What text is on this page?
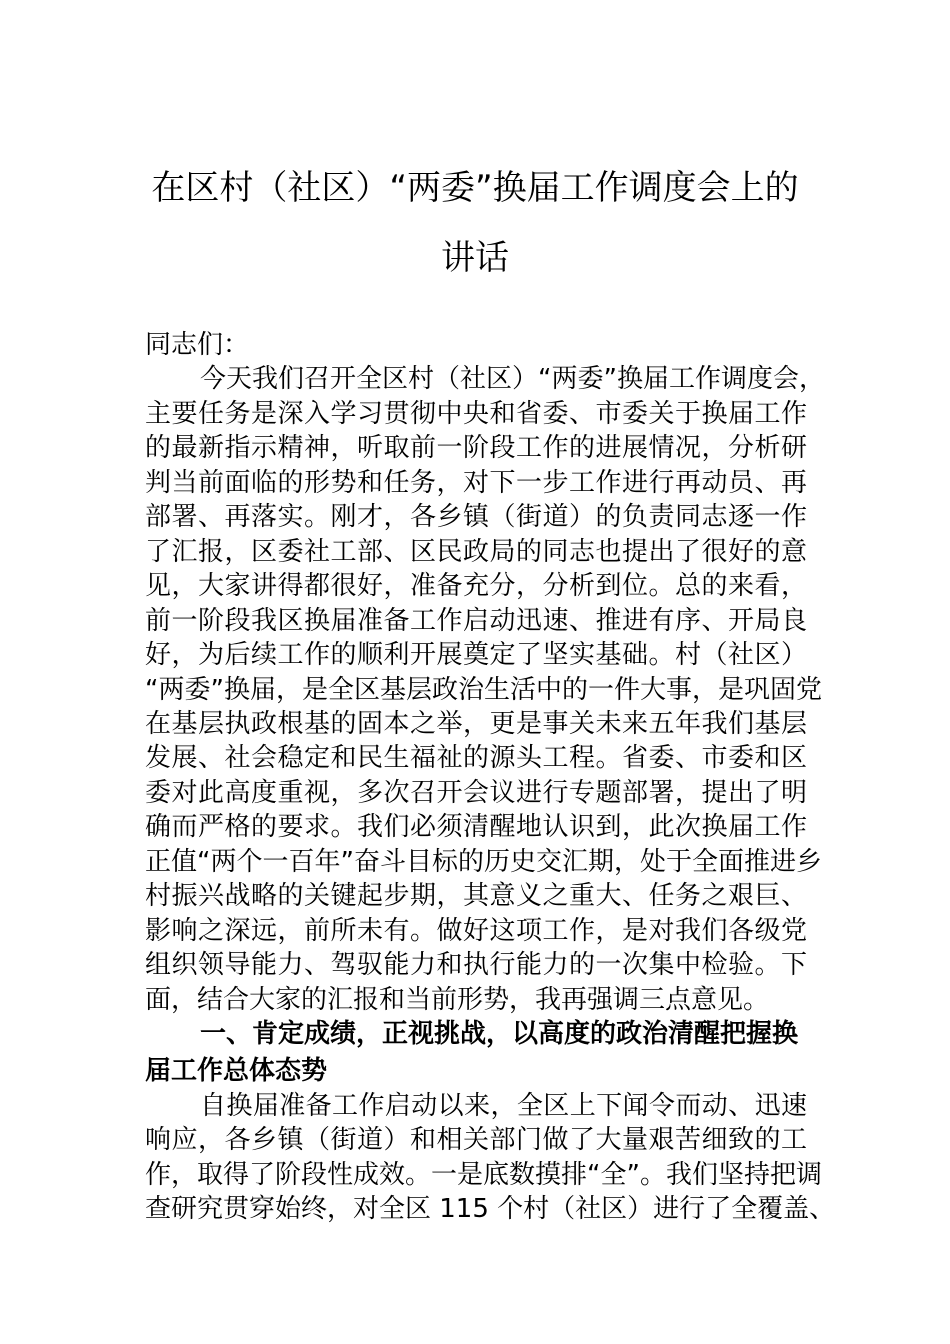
在区村（社区）“两委”换届工作调度会上的
讲话
同志们：
今天我们召开全区村（社区）“两委”换届工作调度会，
主要任务是深入学习贯彻中央和省委、市委关于换届工作
的最新指示精神，听取前一阶段工作的进展情况，分析研
判当前面临的形势和任务，对下一步工作进行再动员、再
部署、再落实。刚才，各乡镇（街道）的负责同志逐一作
了汇报，区委社工部、区民政局的同志也提出了很好的意
见，大家讲得都很好，准备充分，分析到位。总的来看，
前一阶段我区换届准备工作启动迅速、推进有序、开局良
好，为后续工作的顺利开展奠定了坚实基础。村（社区）
“两委”换届，是全区基层政治生活中的一件大事，是巩固党
在基层执政根基的固本之举，更是事关未来五年我们基层
发展、社会稳定和民生福祉的源头工程。省委、市委和区
委对此高度重视，多次召开会议进行专题部署，提出了明
确而严格的要求。我们必须清醒地认识到，此次换届工作
正值“两个一百年”奋斗目标的历史交汇期，处于全面推进乡
村振兴战略的关键起步期，其意义之重大、任务之艰巨、
影响之深远，前所未有。做好这项工作，是对我们各级党
组织领导能力、驾驭能力和执行能力的一次集中检验。下
面，结合大家的汇报和当前形势，我再强调三点意见。
一、肯定成绩，正视挑战，以高度的政治清醒把握换
届工作总体态势
自换届准备工作启动以来，全区上下闻令而动、迅速
响应，各乡镇（街道）和相关部门做了大量艰苦细致的工
作，取得了阶段性成效。一是底数摸排“全”。我们坚持把调
查研究贯穿始终，对全区 115 个村（社区）进行了全覆盖、
